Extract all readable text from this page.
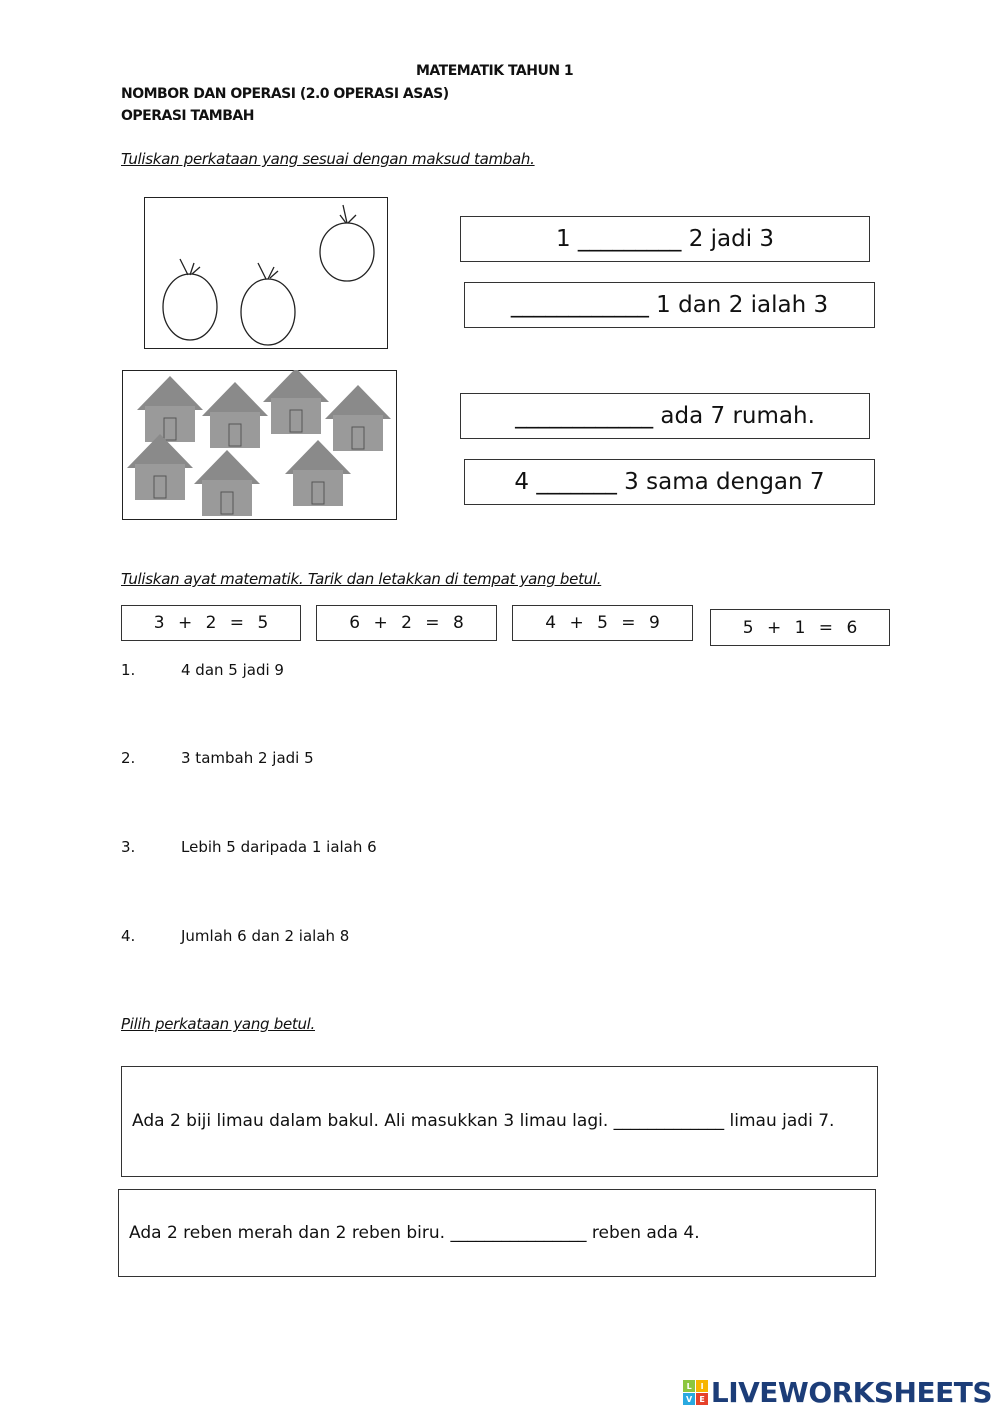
MATEMATIK TAHUN 1
NOMBOR DAN OPERASI (2.0 OPERASI ASAS)
OPERASI TAMBAH
Tuliskan perkataan yang sesuai dengan maksud tambah.
1 _________ 2 jadi 3
____________ 1 dan 2 ialah 3
____________ ada 7 rumah.
4 _______ 3 sama dengan 7
Tuliskan ayat matematik. Tarik dan letakkan di tempat yang betul.
3 + 2 = 5	6 + 2 = 8	4 + 5 = 9	5 + 1 = 6
1.	4 dan 5 jadi 9
2.	3 tambah 2 jadi 5
3.	Lebih 5 daripada 1 ialah 6
4.	Jumlah 6 dan 2 ialah 8
Pilih perkataan yang betul.
Ada 2 biji limau dalam bakul. Ali masukkan 3 limau lagi. _____________ limau jadi 7.
Ada 2 reben merah dan 2 reben biru. ________________ reben ada 4.
L	I
V E LIVEWORKSHEETS
